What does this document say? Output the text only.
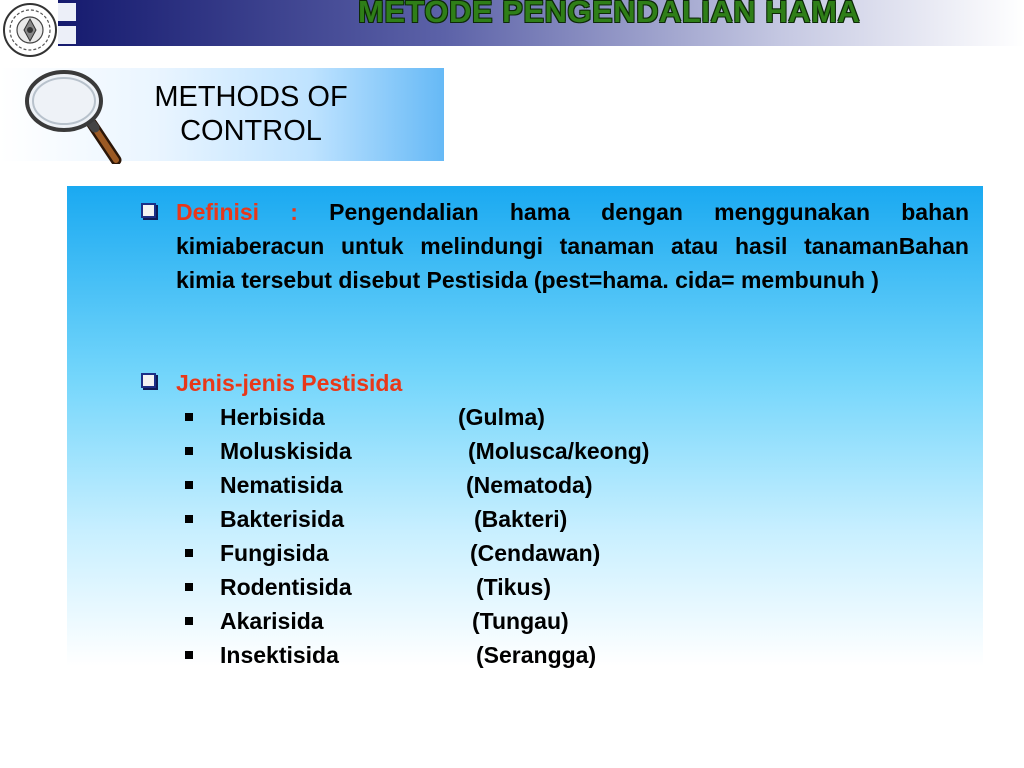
METODE PENGENDALIAN HAMA
METHODS OF
CONTROL
Definisi : Pengendalian hama dengan menggunakan bahan kimiaberacun untuk melindungi tanaman atau hasil tanamanBahan kimia tersebut disebut Pestisida (pest=hama. cida= membunuh )
Jenis-jenis Pestisida
Herbisida	(Gulma)
Moluskisida	(Molusca/keong)
Nematisida	(Nematoda)
Bakterisida	(Bakteri)
Fungisida	(Cendawan)
Rodentisida	(Tikus)
Akarisida	(Tungau)
Insektisida	(Serangga)
